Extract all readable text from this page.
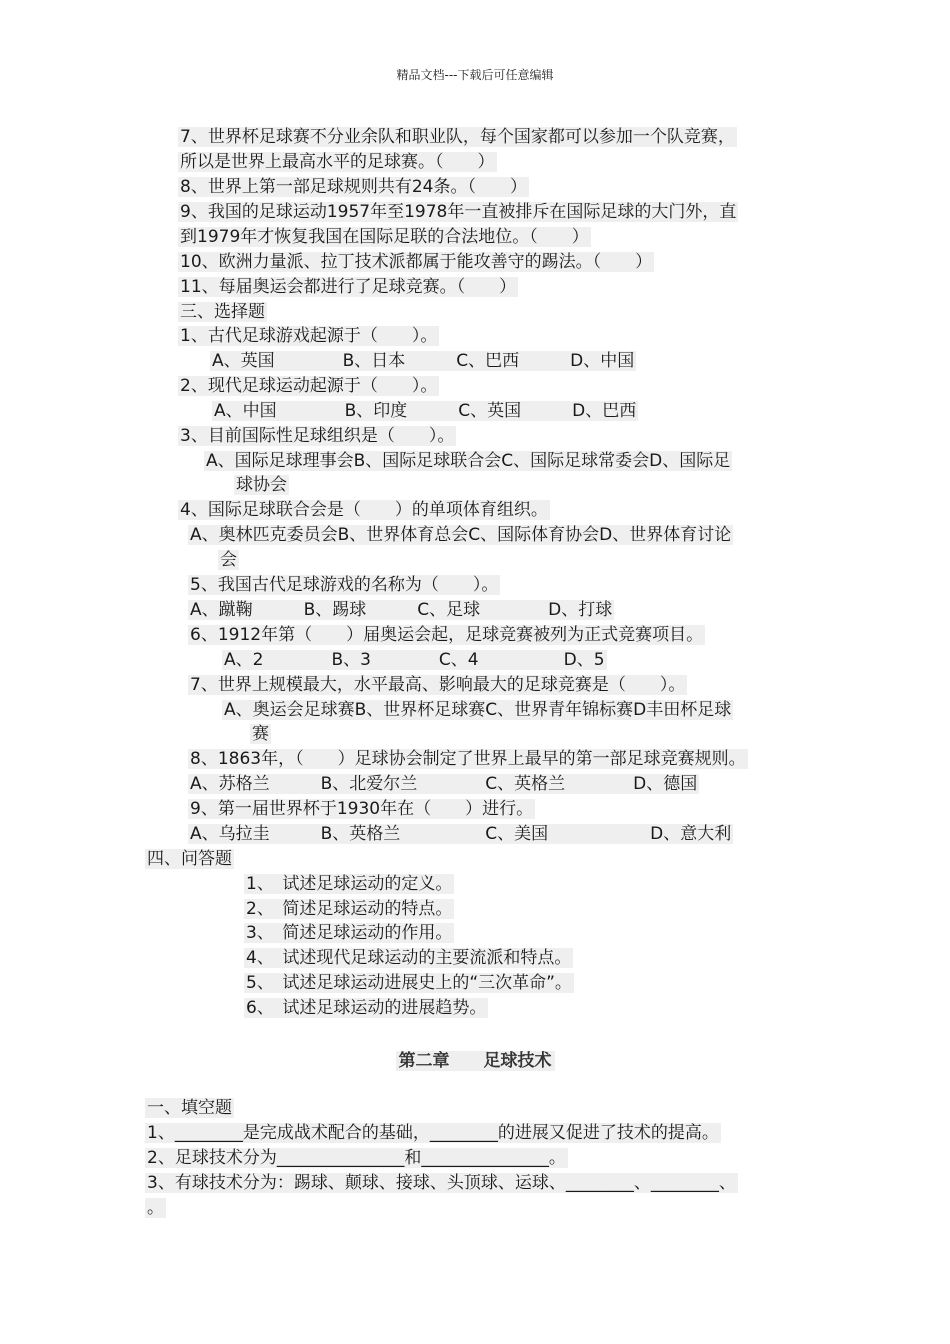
精品文档---下载后可任意编辑
7、世界杯足球赛不分业余队和职业队，每个国家都可以参加一个队竞赛，
所以是世界上最高水平的足球赛。（　　）
8、世界上第一部足球规则共有24条。（　　）
9、我国的足球运动1957年至1978年一直被排斥在国际足球的大门外，直
到1979年才恢复我国在国际足联的合法地位。（　　）
10、欧洲力量派、拉丁技术派都属于能攻善守的踢法。（　　）
11、每届奥运会都进行了足球竞赛。（　　）
三、选择题
1、古代足球游戏起源于（　　）。
A、英国　　　　B、日本　　　C、巴西　　　D、中国
2、现代足球运动起源于（　　）。
A、中国　　　　B、印度　　　C、英国　　　D、巴西
3、目前国际性足球组织是（　　）。
A、国际足球理事会B、国际足球联合会C、国际足球常委会D、国际足
球协会
4、国际足球联合会是（　　）的单项体育组织。
A、奥林匹克委员会B、世界体育总会C、国际体育协会D、世界体育讨论
会
5、我国古代足球游戏的名称为（　　）。
A、蹴鞠　　　B、踢球　　　C、足球　　　　D、打球
6、1912年第（　　）届奥运会起，足球竞赛被列为正式竞赛项目。
A、2　　　　B、3　　　　C、4　　　　　D、5
7、世界上规模最大，水平最高、影响最大的足球竞赛是（　　）。
A、奥运会足球赛B、世界杯足球赛C、世界青年锦标赛D丰田杯足球
赛
8、1863年，（　　）足球协会制定了世界上最早的第一部足球竞赛规则。
A、苏格兰　　　B、北爱尔兰　　　　C、英格兰　　　　D、德国
9、第一届世界杯于1930年在（　　）进行。
A、乌拉圭　　　B、英格兰　　　　　C、美国　　　　　　D、意大利
四、问答题
1、　试述足球运动的定义。
2、　简述足球运动的特点。
3、　简述足球运动的作用。
4、　试述现代足球运动的主要流派和特点。
5、　试述足球运动进展史上的“三次革命”。
6、　试述足球运动的进展趋势。
第二章　　足球技术
一、填空题
1、________是完成战术配合的基础，________的进展又促进了技术的提高。
2、足球技术分为_______________和_______________。
3、有球技术分为：踢球、颠球、接球、头顶球、运球、________、________、
。
